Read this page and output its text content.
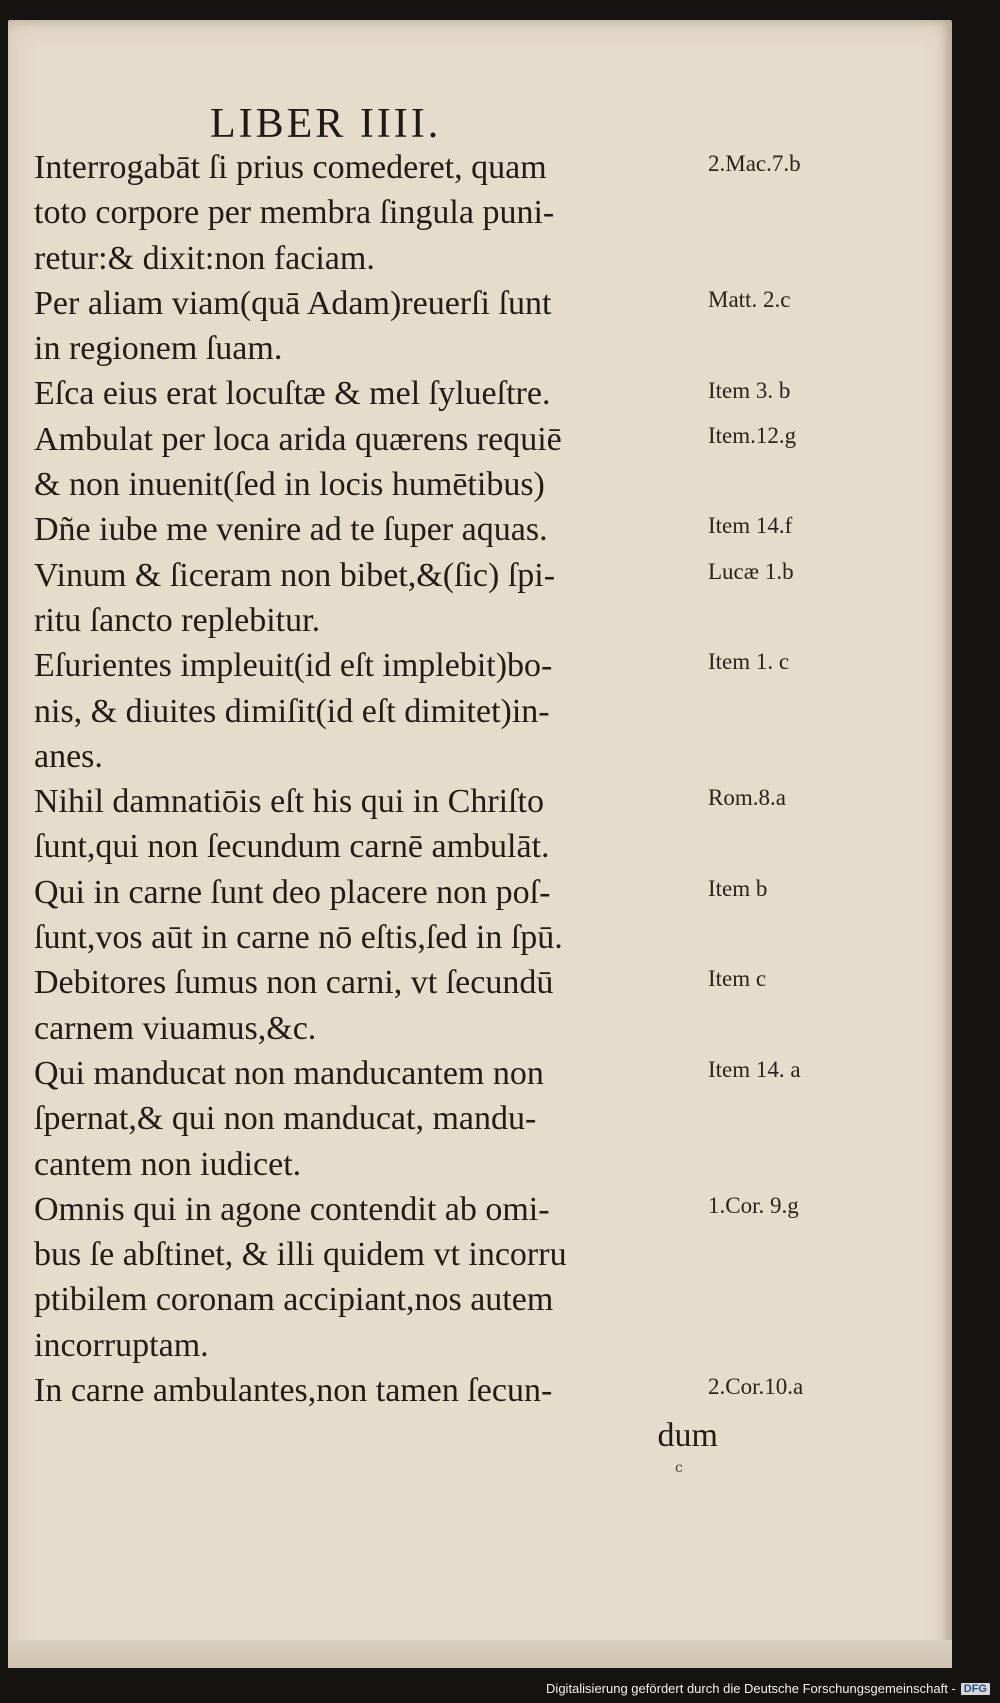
LIBER IIII.
Interrogabāt ſi prius comederet, quam
toto corpore per membra ſingula puni-
retur:& dixit:non faciam.
Per aliam viam(quā Adam)reuerſi ſunt
in regionem ſuam.
Eſca eius erat locuſtæ & mel ſylueſtre.
Ambulat per loca arida quærens requiē
& non inuenit(ſed in locis humētibus)
Dñe iube me venire ad te ſuper aquas.
Vinum & ſiceram non bibet,&(ſic) ſpi-
ritu ſancto replebitur.
Eſurientes impleuit(id eſt implebit)bo-
nis, & diuites dimiſit(id eſt dimitet)in-
anes.
Nihil damnatiōis eſt his qui in Chriſto
ſunt,qui non ſecundum carnē ambulāt.
Qui in carne ſunt deo placere non poſ-
ſunt,vos aūt in carne nō eſtis,ſed in ſpū.
Debitores ſumus non carni, vt ſecundū
carnem viuamus,&c.
Qui manducat non manducantem non
ſpernat,& qui non manducat, mandu-
cantem non iudicet.
Omnis qui in agone contendit ab omi-
bus ſe abſtinet, & illi quidem vt incorru
ptibilem coronam accipiant,nos autem
incorruptam.
In carne ambulantes,non tamen ſecun-
dum
2.Mac.7.b
Matt. 2.c
Item 3. b
Item.12.g
Item 14.f
Lucæ 1.b
Item 1. c
Rom.8.a
Item b
Item c
Item 14. a
1.Cor. 9.g
2.Cor.10.a
c
Digitalisierung gefördert durch die Deutsche Forschungsgemeinschaft - DFG
